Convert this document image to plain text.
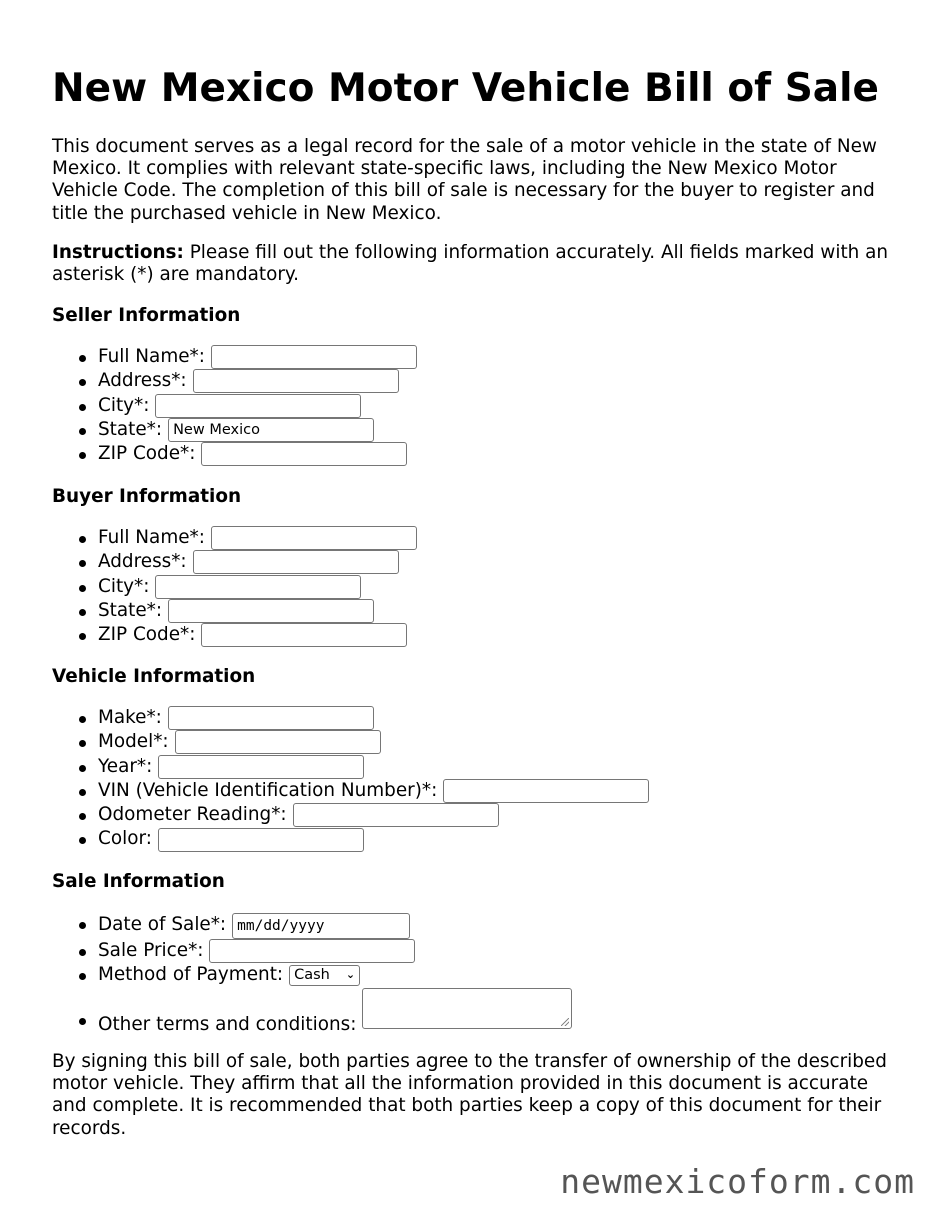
New Mexico Motor Vehicle Bill of Sale

This document serves as a legal record for the sale of a motor vehicle in the state of New Mexico. It complies with relevant state-specific laws, including the New Mexico Motor Vehicle Code. The completion of this bill of sale is necessary for the buyer to register and title the purchased vehicle in New Mexico.

Instructions: Please fill out the following information accurately. All fields marked with an asterisk (*) are mandatory.

Seller Information
Full Name*:
Address*:
City*:
State*:
New Mexico
ZIP Code*:
Buyer Information
Full Name*:
Address*:
City*:
State*:
ZIP Code*:
Vehicle Information
Make*:
Model*:
Year*:
VIN (Vehicle Identification Number)*:
Odometer Reading*:
Color:
Sale Information
Date of Sale*: mm/dd/yyyy
Sale Price*:
Method of Payment: Cash ⌄
Other terms and conditions:

By signing this bill of sale, both parties agree to the transfer of ownership of the described motor vehicle. They affirm that all the information provided in this document is accurate and complete. It is recommended that both parties keep a copy of this document for their records.

newmexicoform.com
